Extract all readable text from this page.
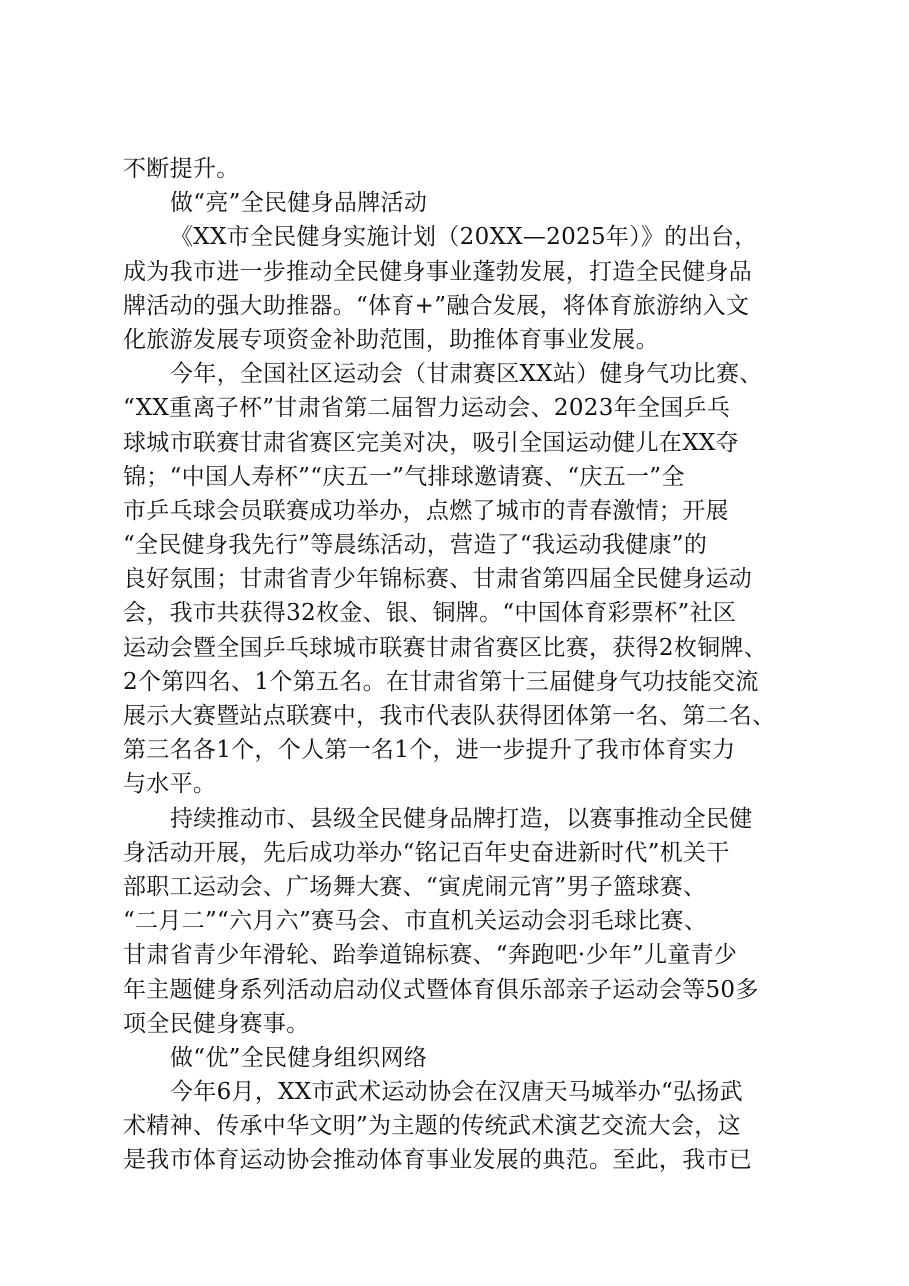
不断提升。
做“亮”全民健身品牌活动
《XX市全民健身实施计划（20XX—2025年）》的出台，
成为我市进一步推动全民健身事业蓬勃发展，打造全民健身品
牌活动的强大助推器。“体育+”融合发展，将体育旅游纳入文
化旅游发展专项资金补助范围，助推体育事业发展。
今年，全国社区运动会（甘肃赛区XX站）健身气功比赛、
“XX重离子杯”甘肃省第二届智力运动会、2023年全国乒乓
球城市联赛甘肃省赛区完美对决，吸引全国运动健儿在XX夺
锦；“中国人寿杯”“庆五一”气排球邀请赛、“庆五一”全
市乒乓球会员联赛成功举办，点燃了城市的青春激情；开展
“全民健身我先行”等晨练活动，营造了“我运动我健康”的
良好氛围；甘肃省青少年锦标赛、甘肃省第四届全民健身运动
会，我市共获得32枚金、银、铜牌。“中国体育彩票杯”社区
运动会暨全国乒乓球城市联赛甘肃省赛区比赛，获得2枚铜牌、
2个第四名、1个第五名。在甘肃省第十三届健身气功技能交流
展示大赛暨站点联赛中，我市代表队获得团体第一名、第二名、
第三名各1个，个人第一名1个，进一步提升了我市体育实力
与水平。
持续推动市、县级全民健身品牌打造，以赛事推动全民健
身活动开展，先后成功举办“铭记百年史奋进新时代”机关干
部职工运动会、广场舞大赛、“寅虎闹元宵”男子篮球赛、
“二月二”“六月六”赛马会、市直机关运动会羽毛球比赛、
甘肃省青少年滑轮、跆拳道锦标赛、“奔跑吧·少年”儿童青少
年主题健身系列活动启动仪式暨体育俱乐部亲子运动会等50多
项全民健身赛事。
做“优”全民健身组织网络
今年6月，XX市武术运动协会在汉唐天马城举办“弘扬武
术精神、传承中华文明”为主题的传统武术演艺交流大会，这
是我市体育运动协会推动体育事业发展的典范。至此，我市已
